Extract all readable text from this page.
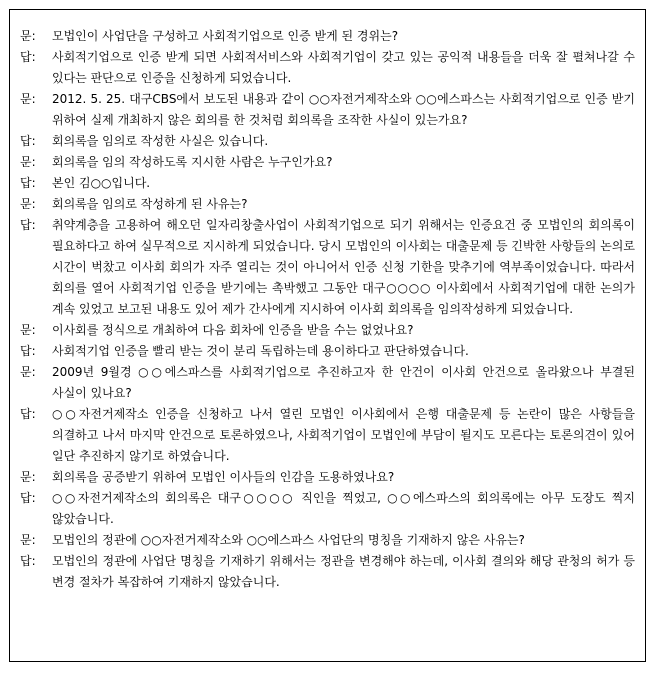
문:	모법인이 사업단을 구성하고 사회적기업으로 인증 받게 된 경위는?
답:	사회적기업으로 인증 받게 되면 사회적서비스와 사회적기업이 갖고 있는 공익적 내용들을 더욱 잘 펼쳐나갈 수 있다는 판단으로 인증을 신청하게 되었습니다.
문:	2012. 5. 25. 대구CBS에서 보도된 내용과 같이 ○○자전거제작소와 ○○에스파스는 사회적기업으로 인증 받기 위하여 실제 개최하지 않은 회의를 한 것처럼 회의록을 조작한 사실이 있는가요?
답:	회의록을 임의로 작성한 사실은 있습니다.
문:	회의록을 임의 작성하도록 지시한 사람은 누구인가요?
답:	본인 김○○입니다.
문:	회의록을 임의로 작성하게 된 사유는?
답:	취약계층을 고용하여 해오던 일자리창출사업이 사회적기업으로 되기 위해서는 인증요건 중 모법인의 회의록이 필요하다고 하여 실무적으로 지시하게 되었습니다. 당시 모법인의 이사회는 대출문제 등 긴박한 사항들의 논의로 시간이 벅찼고 이사회 회의가 자주 열리는 것이 아니어서 인증 신청 기한을 맞추기에 역부족이었습니다. 따라서 회의를 열어 사회적기업 인증을 받기에는 촉박했고 그동안 대구○○○○ 이사회에서 사회적기업에 대한 논의가 계속 있었고 보고된 내용도 있어 제가 간사에게 지시하여 이사회 회의록을 임의작성하게 되었습니다.
문:	이사회를 정식으로 개최하여 다음 회차에 인증을 받을 수는 없었나요?
답:	사회적기업 인증을 빨리 받는 것이 분리 독립하는데 용이하다고 판단하였습니다.
문:	2009년 9월경 ○○에스파스를 사회적기업으로 추진하고자 한 안건이 이사회 안건으로 올라왔으나 부결된 사실이 있나요?
답:	○○자전거제작소 인증을 신청하고 나서 열린 모법인 이사회에서 은행 대출문제 등 논란이 많은 사항들을 의결하고 나서 마지막 안건으로 토론하였으나, 사회적기업이 모법인에 부담이 될지도 모른다는 토론의견이 있어 일단 추진하지 않기로 하였습니다.
문:	회의록을 공증받기 위하여 모법인 이사들의 인감을 도용하였나요?
답:	○○자전거제작소의 회의록은 대구○○○○ 직인을 찍었고, ○○에스파스의 회의록에는 아무 도장도 찍지 않았습니다.
문:	모법인의 정관에 ○○자전거제작소와 ○○에스파스 사업단의 명칭을 기재하지 않은 사유는?
답:	모법인의 정관에 사업단 명칭을 기재하기 위해서는 정관을 변경해야 하는데, 이사회 결의와 해당 관청의 허가 등 변경 절차가 복잡하여 기재하지 않았습니다.
